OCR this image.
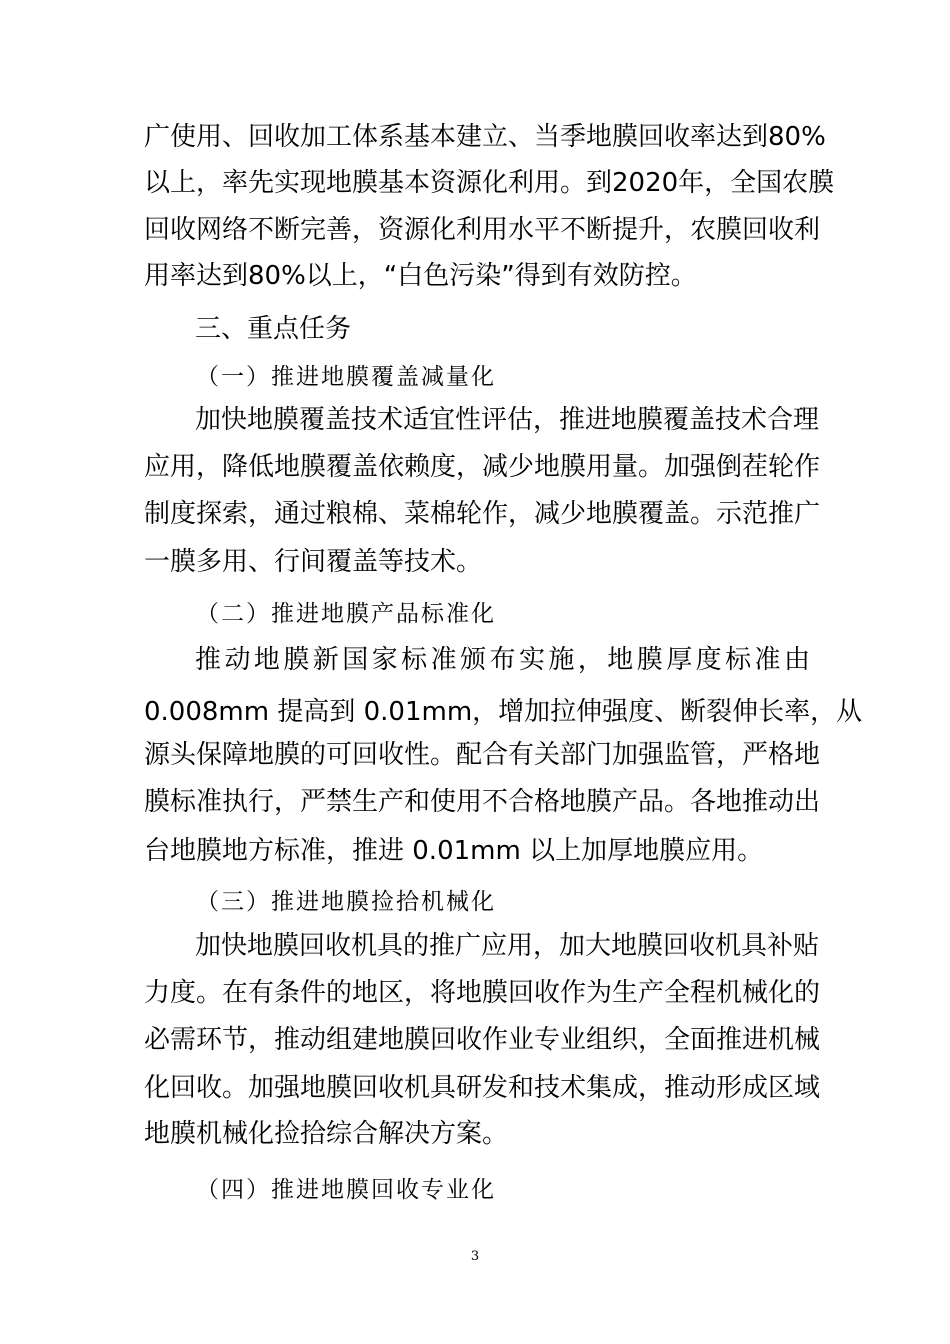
广使用、回收加工体系基本建立、当季地膜回收率达到80%

以上，率先实现地膜基本资源化利用。到2020年，全国农膜

回收网络不断完善，资源化利用水平不断提升，农膜回收利

用率达到80%以上，“白色污染”得到有效防控。

三、重点任务

（一）推进地膜覆盖减量化

加快地膜覆盖技术适宜性评估，推进地膜覆盖技术合理

应用，降低地膜覆盖依赖度，减少地膜用量。加强倒茬轮作

制度探索，通过粮棉、菜棉轮作，减少地膜覆盖。示范推广

一膜多用、行间覆盖等技术。

（二）推进地膜产品标准化

推动地膜新国家标准颁布实施，地膜厚度标准由

0.008mm 提高到 0.01mm，增加拉伸强度、断裂伸长率，从

源头保障地膜的可回收性。配合有关部门加强监管，严格地

膜标准执行，严禁生产和使用不合格地膜产品。各地推动出

台地膜地方标准，推进 0.01mm 以上加厚地膜应用。

（三）推进地膜捡拾机械化

加快地膜回收机具的推广应用，加大地膜回收机具补贴

力度。在有条件的地区，将地膜回收作为生产全程机械化的

必需环节，推动组建地膜回收作业专业组织，全面推进机械

化回收。加强地膜回收机具研发和技术集成，推动形成区域

地膜机械化捡拾综合解决方案。

（四）推进地膜回收专业化

3
